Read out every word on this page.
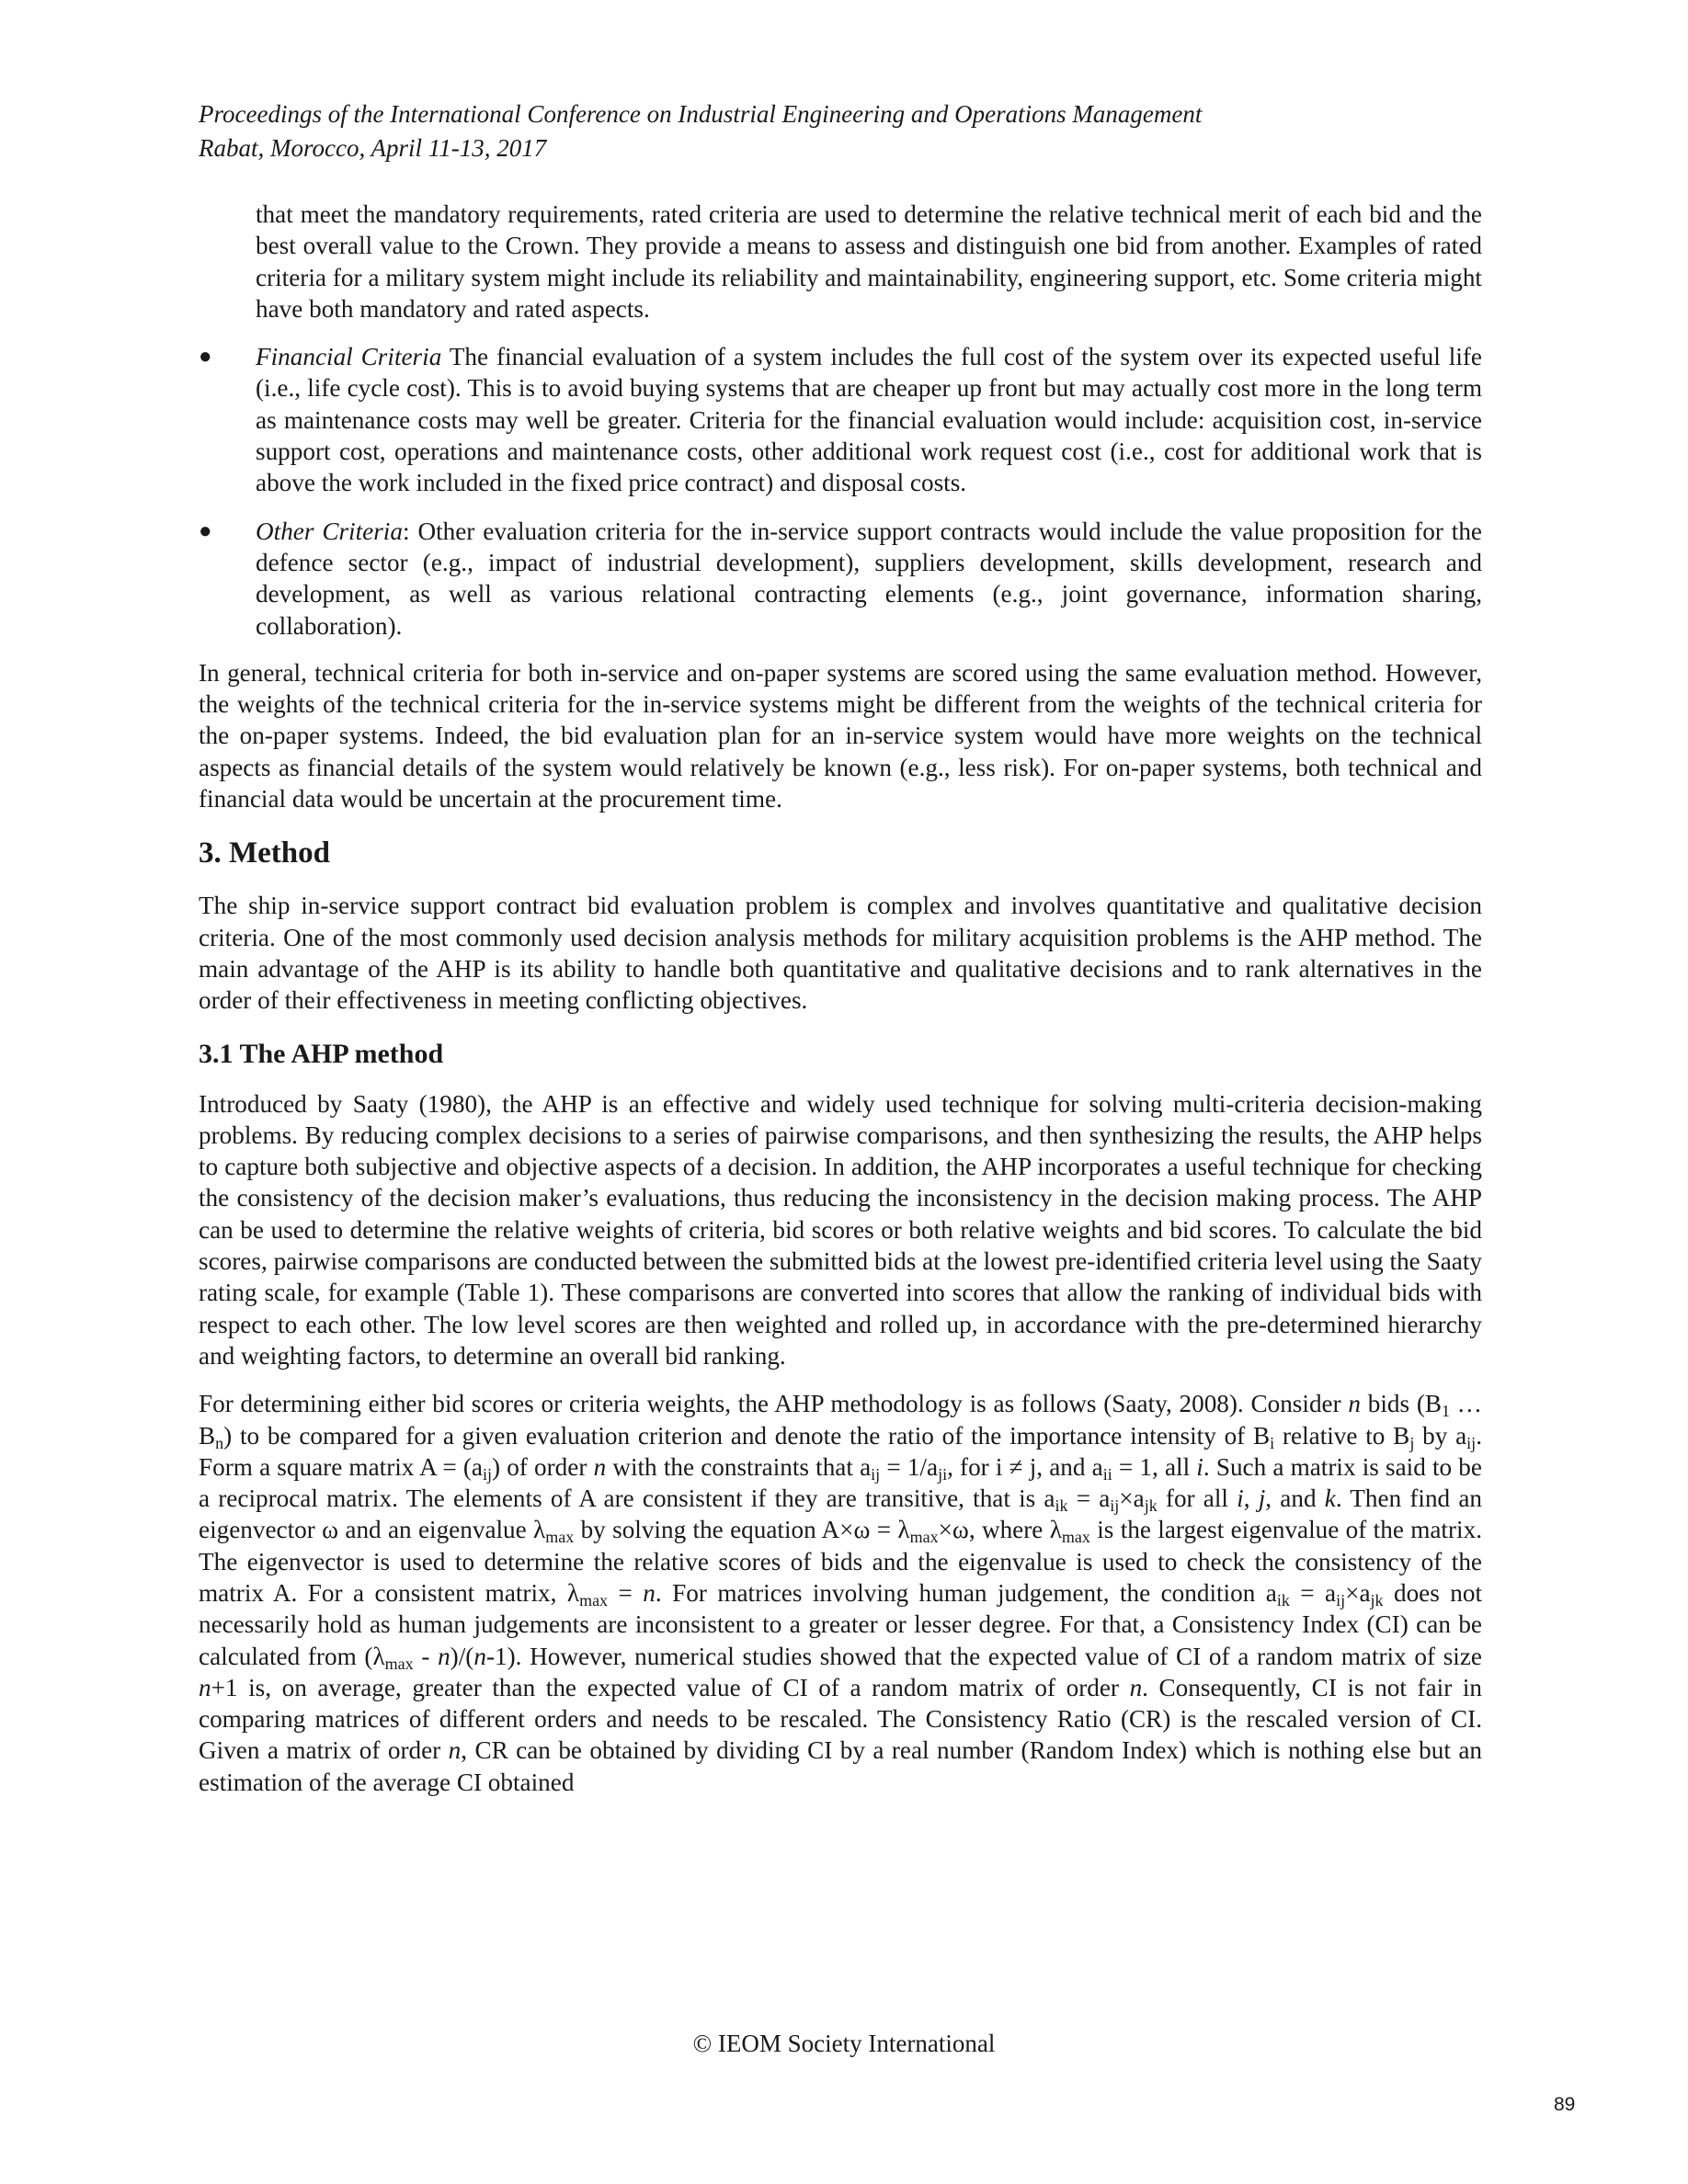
Proceedings of the International Conference on Industrial Engineering and Operations Management
Rabat, Morocco, April 11-13, 2017

that meet the mandatory requirements, rated criteria are used to determine the relative technical merit of each bid and the best overall value to the Crown. They provide a means to assess and distinguish one bid from another. Examples of rated criteria for a military system might include its reliability and maintainability, engineering support, etc. Some criteria might have both mandatory and rated aspects.

● Financial Criteria The financial evaluation of a system includes the full cost of the system over its expected useful life (i.e., life cycle cost). This is to avoid buying systems that are cheaper up front but may actually cost more in the long term as maintenance costs may well be greater. Criteria for the financial evaluation would include: acquisition cost, in-service support cost, operations and maintenance costs, other additional work request cost (i.e., cost for additional work that is above the work included in the fixed price contract) and disposal costs.

● Other Criteria: Other evaluation criteria for the in-service support contracts would include the value proposition for the defence sector (e.g., impact of industrial development), suppliers development, skills development, research and development, as well as various relational contracting elements (e.g., joint governance, information sharing, collaboration).

In general, technical criteria for both in-service and on-paper systems are scored using the same evaluation method. However, the weights of the technical criteria for the in-service systems might be different from the weights of the technical criteria for the on-paper systems. Indeed, the bid evaluation plan for an in-service system would have more weights on the technical aspects as financial details of the system would relatively be known (e.g., less risk). For on-paper systems, both technical and financial data would be uncertain at the procurement time.

3. Method

The ship in-service support contract bid evaluation problem is complex and involves quantitative and qualitative decision criteria. One of the most commonly used decision analysis methods for military acquisition problems is the AHP method. The main advantage of the AHP is its ability to handle both quantitative and qualitative decisions and to rank alternatives in the order of their effectiveness in meeting conflicting objectives.

3.1 The AHP method

Introduced by Saaty (1980), the AHP is an effective and widely used technique for solving multi-criteria decision-making problems. By reducing complex decisions to a series of pairwise comparisons, and then synthesizing the results, the AHP helps to capture both subjective and objective aspects of a decision. In addition, the AHP incorporates a useful technique for checking the consistency of the decision maker’s evaluations, thus reducing the inconsistency in the decision making process. The AHP can be used to determine the relative weights of criteria, bid scores or both relative weights and bid scores. To calculate the bid scores, pairwise comparisons are conducted between the submitted bids at the lowest pre-identified criteria level using the Saaty rating scale, for example (Table 1). These comparisons are converted into scores that allow the ranking of individual bids with respect to each other. The low level scores are then weighted and rolled up, in accordance with the pre-determined hierarchy and weighting factors, to determine an overall bid ranking.

For determining either bid scores or criteria weights, the AHP methodology is as follows (Saaty, 2008). Consider n bids ($B_1$ … $B_n$) to be compared for a given evaluation criterion and denote the ratio of the importance intensity of $B_i$ relative to $B_j$ by $a_{ij}$. Form a square matrix $A = (a_{ij})$ of order n with the constraints that $a_{ij} = 1/a_{ji}$, for i ≠ j, and $a_{ii} = 1$, all i. Such a matrix is said to be a reciprocal matrix. The elements of A are consistent if they are transitive, that is $a_{ik} = a_{ij}\times a_{jk}$ for all i, j, and k. Then find an eigenvector ω and an eigenvalue $\lambda_{max}$ by solving the equation $A\times\omega = \lambda_{max}\times\omega$, where $\lambda_{max}$ is the largest eigenvalue of the matrix. The eigenvector is used to determine the relative scores of bids and the eigenvalue is used to check the consistency of the matrix A. For a consistent matrix, $\lambda_{max} = n$. For matrices involving human judgement, the condition $a_{ik} = a_{ij}\times a_{jk}$ does not necessarily hold as human judgements are inconsistent to a greater or lesser degree. For that, a Consistency Index (CI) can be calculated from $(\lambda_{max} - n)/(n-1)$. However, numerical studies showed that the expected value of CI of a random matrix of size n+1 is, on average, greater than the expected value of CI of a random matrix of order n. Consequently, CI is not fair in comparing matrices of different orders and needs to be rescaled. The Consistency Ratio (CR) is the rescaled version of CI. Given a matrix of order n, CR can be obtained by dividing CI by a real number (Random Index) which is nothing else but an estimation of the average CI obtained

© IEOM Society International
89
